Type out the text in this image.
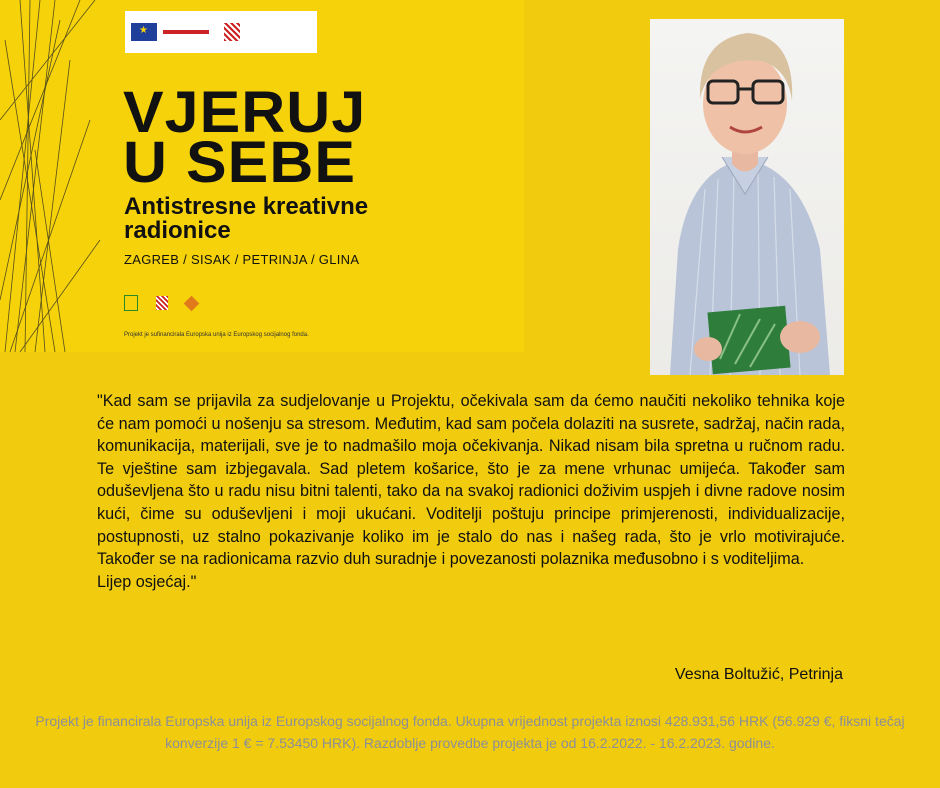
★
VJERUJ
U SEBE
Antistresne kreativne
radionice
ZAGREB / SISAK / PETRINJA / GLINA
Projekt je sufinancirala Europska unija iz Europskog socijalnog fonda.

"Kad sam se prijavila za sudjelovanje u Projektu, očekivala sam da ćemo naučiti nekoliko tehnika koje će nam pomoći u nošenju sa stresom. Međutim, kad sam počela dolaziti na susrete, sadržaj, način rada, komunikacija, materijali, sve je to nadmašilo moja očekivanja. Nikad nisam bila spretna u ručnom radu. Te vještine sam izbjegavala. Sad pletem košarice, što je za mene vrhunac umijeća. Također sam oduševljena što u radu nisu bitni talenti, tako da na svakoj radionici doživim uspjeh i divne radove nosim kući, čime su oduševljeni i moji ukućani. Voditelji poštuju principe primjerenosti, individualizacije, postupnosti, uz stalno pokazivanje koliko im je stalo do nas i našeg rada, što je vrlo motivirajuće. Također se na radionicama razvio duh suradnje i povezanosti polaznika međusobno i s voditeljima.

Lijep osjećaj."

Vesna Boltužić, Petrinja
Projekt je financirala Europska unija iz Europskog socijalnog fonda. Ukupna vrijednost projekta iznosi 428.931,56 HRK (56.929 €, fiksni tečaj konverzije 1 € = 7.53450 HRK). Razdoblje provedbe projekta je od 16.2.2022. - 16.2.2023. godine.
